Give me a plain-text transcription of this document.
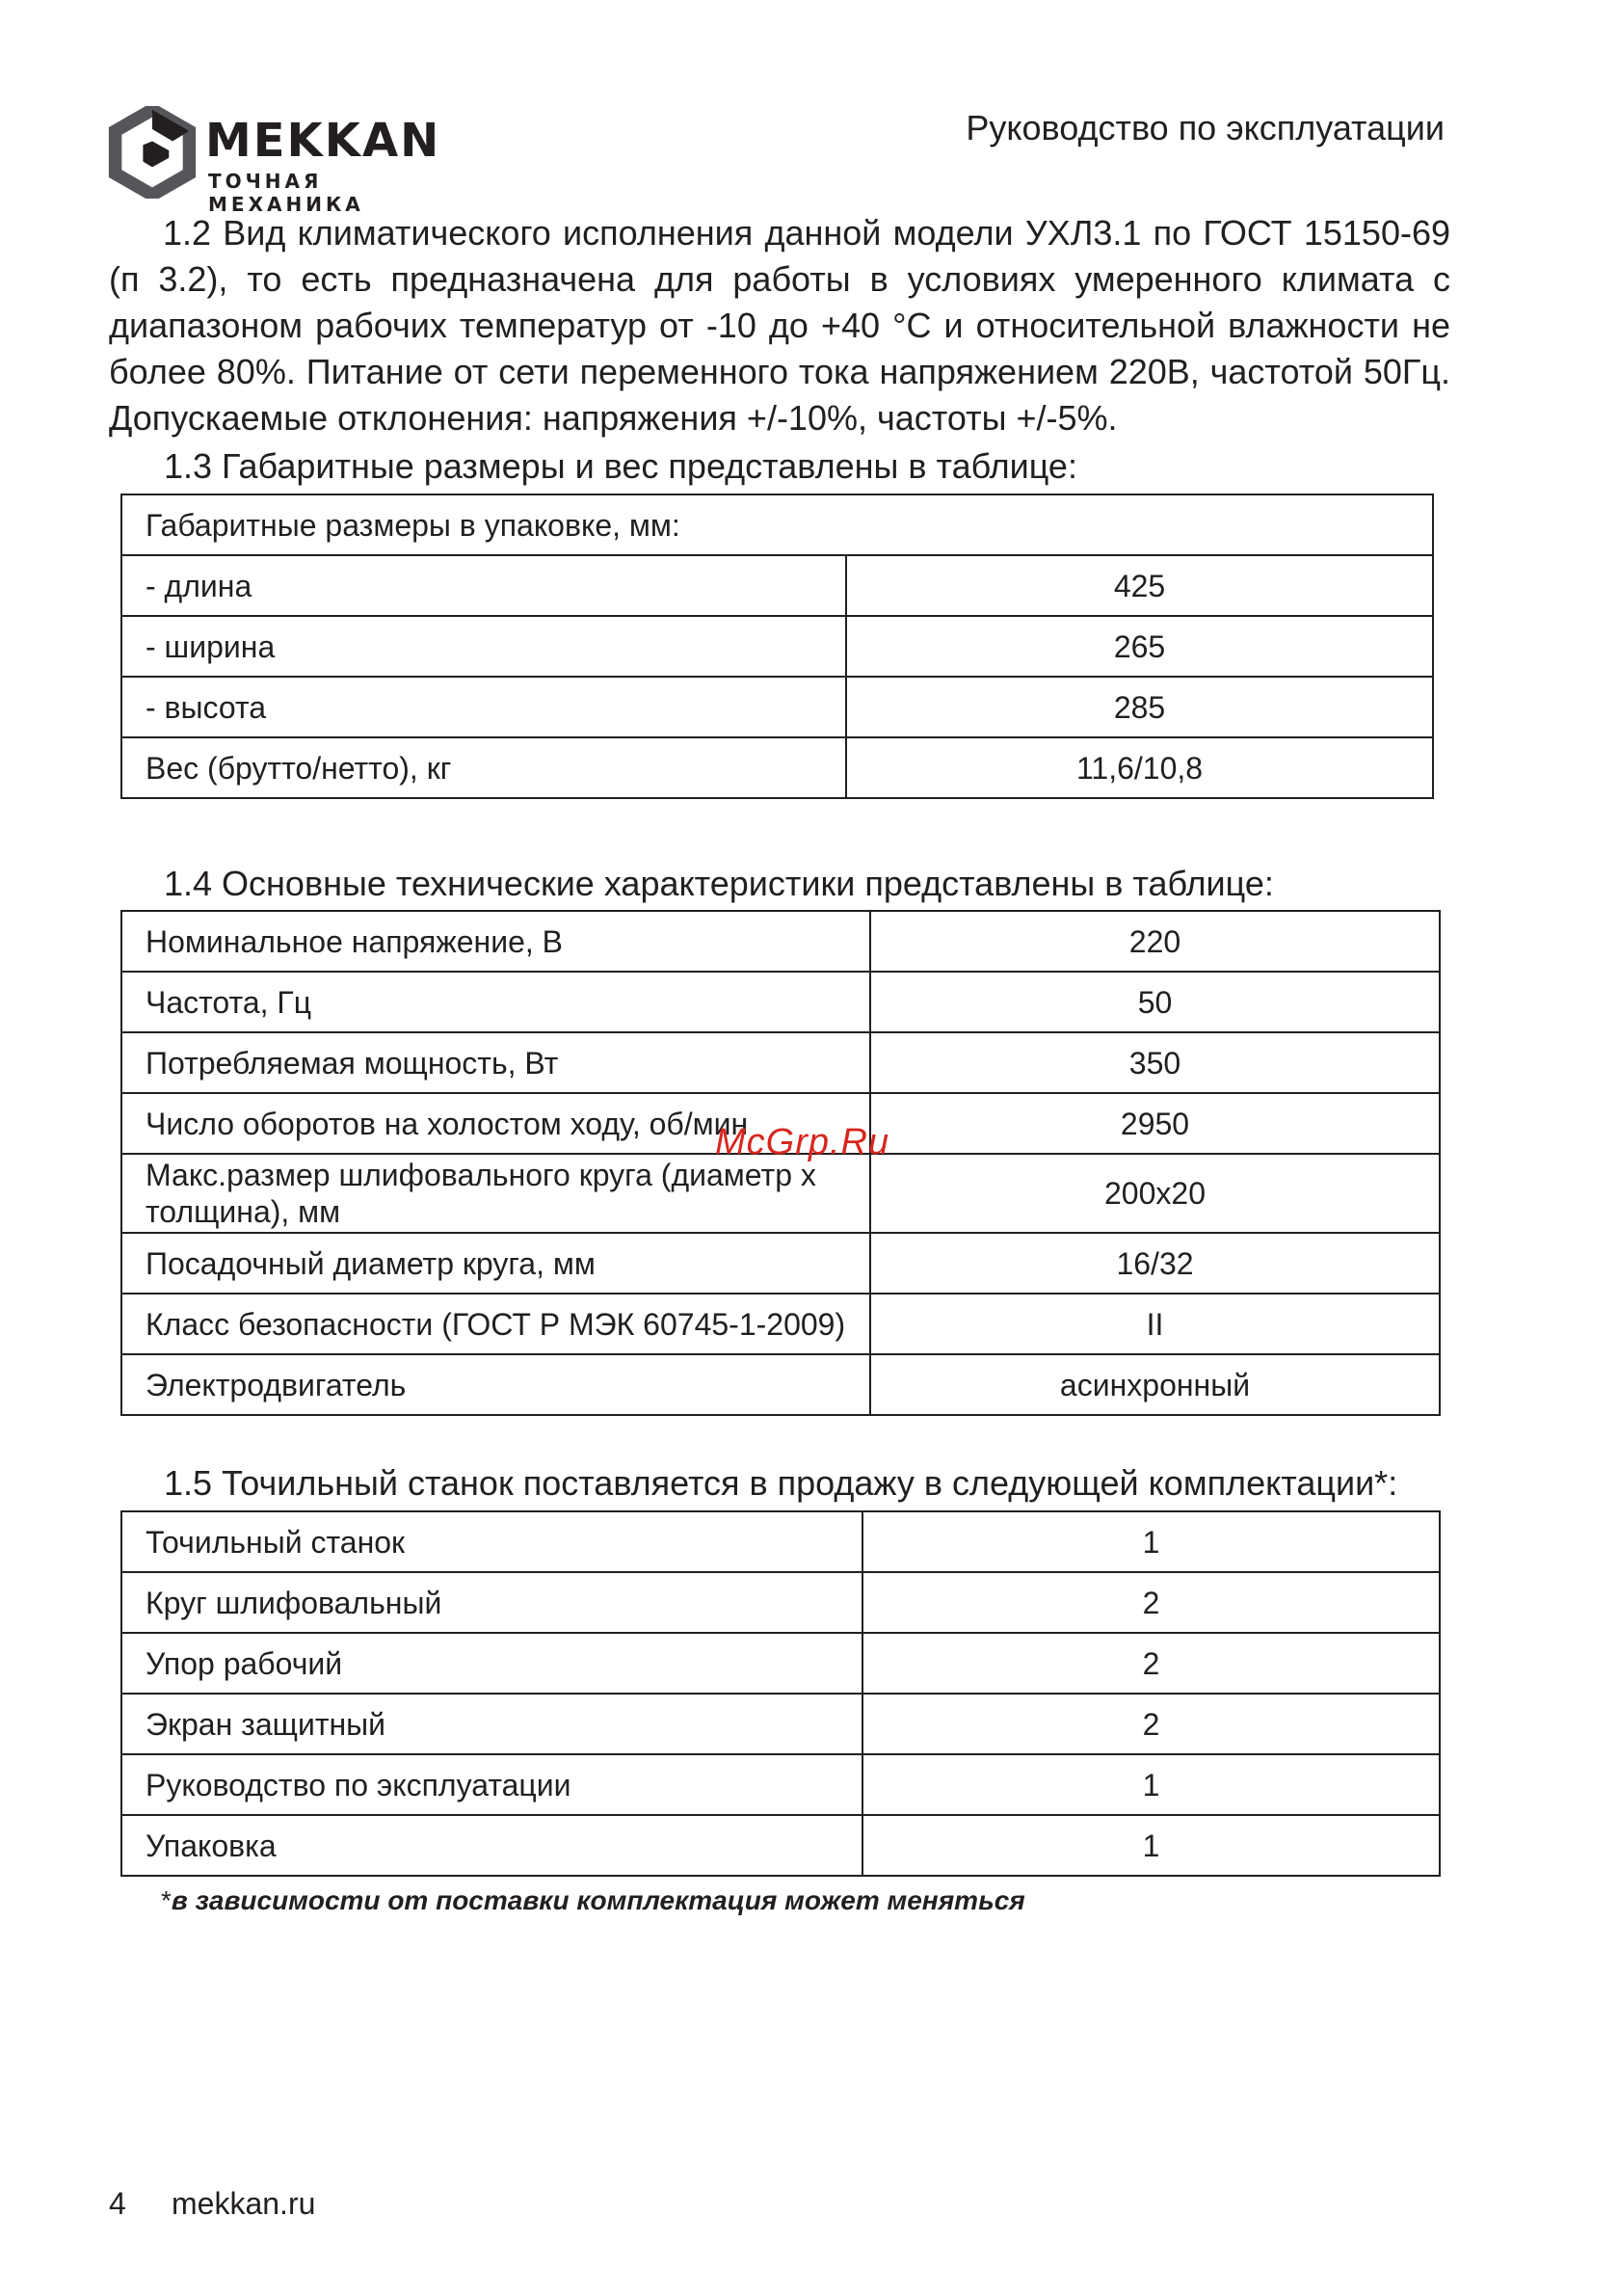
MEKKAN
ТОЧНАЯ МЕХАНИКА
Руководство по эксплуатации

1.2 Вид климатического исполнения данной модели УХЛ3.1 по ГОСТ 15150-69 (п 3.2), то есть предназначена для работы в условиях умеренного климата с диапазоном рабочих температур от -10 до +40 °С и относительной влажности не более 80%. Питание от сети переменного тока напряжением 220В, частотой 50Гц. Допускаемые отклонения: напряжения +/-10%, частоты +/-5%.

1.3 Габаритные размеры и вес представлены в таблице:

Габаритные размеры в упаковке, мм:	
- длина	425
- ширина	265
- высота	285
Вес (брутто/нетто), кг	11,6/10,8

1.4 Основные технические характеристики представлены в таблице:

Номинальное напряжение, В	220
Частота, Гц	50
Потребляемая мощность, Вт	350
Число оборотов на холостом ходу, об/мин	2950
Макс.размер шлифовального круга (диаметр х толщина), мм	200х20
Посадочный диаметр круга, мм	16/32
Класс безопасности (ГОСТ Р МЭК 60745-1-2009)	II
Электродвигатель	асинхронный
McGrp.Ru

1.5 Точильный станок поставляется в продажу в следующей комплектации*:

Точильный станок	1
Круг шлифовальный	2
Упор рабочий	2
Экран защитный	2
Руководство по эксплуатации	1
Упаковка	1
*в зависимости от поставки комплектация может меняться
4 mekkan.ru
